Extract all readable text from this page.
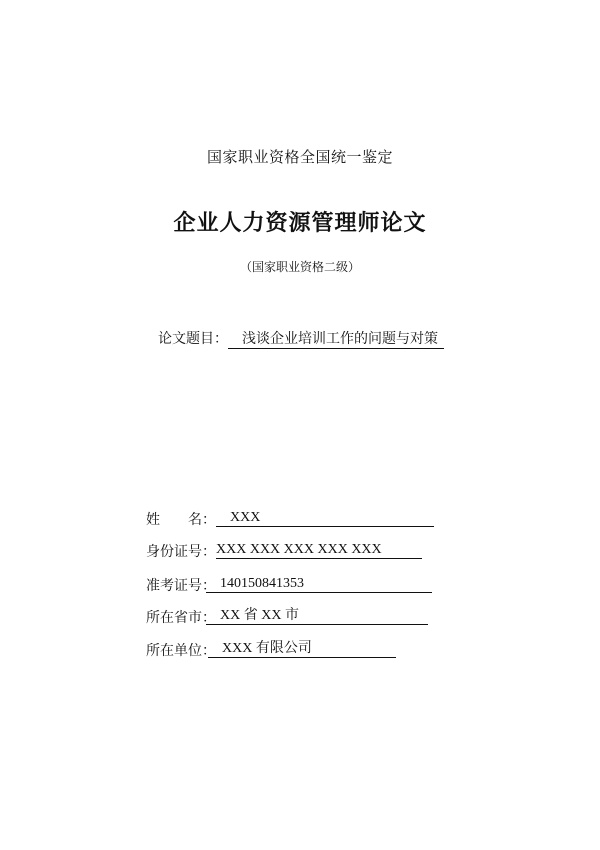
国家职业资格全国统一鉴定
企业人力资源管理师论文
（国家职业资格二级）
论文题目： 浅谈企业培训工作的问题与对策
姓 名：	XXX
身份证号： XXX XXX XXX XXX XXX
准考证号： 140150841353
所在省市： XX 省 XX 市
所在单位： XXX 有限公司
